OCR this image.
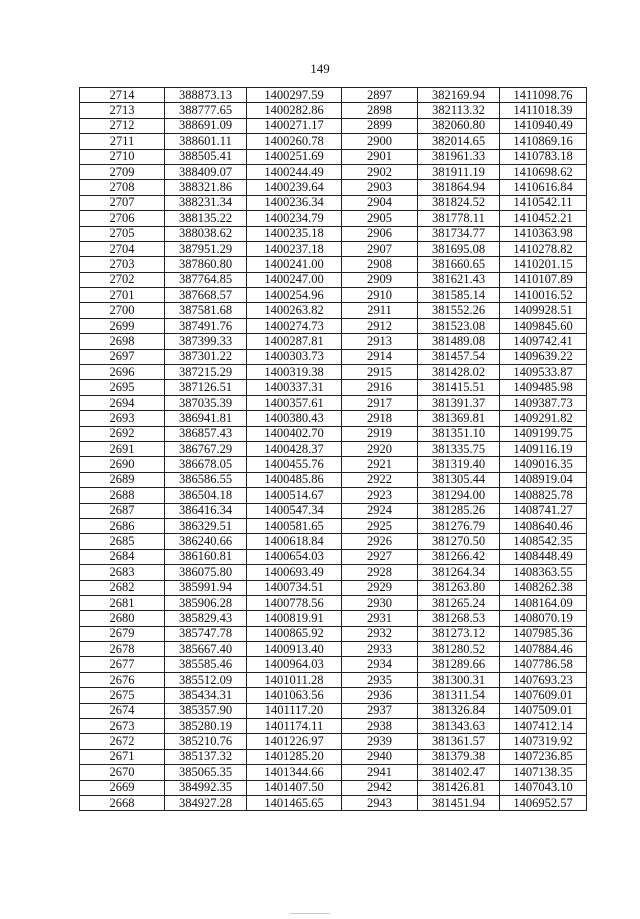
149
2714	388873.13	1400297.59	2897	382169.94	1411098.76
2713	388777.65	1400282.86	2898	382113.32	1411018.39
2712	388691.09	1400271.17	2899	382060.80	1410940.49
2711	388601.11	1400260.78	2900	382014.65	1410869.16
2710	388505.41	1400251.69	2901	381961.33	1410783.18
2709	388409.07	1400244.49	2902	381911.19	1410698.62
2708	388321.86	1400239.64	2903	381864.94	1410616.84
2707	388231.34	1400236.34	2904	381824.52	1410542.11
2706	388135.22	1400234.79	2905	381778.11	1410452.21
2705	388038.62	1400235.18	2906	381734.77	1410363.98
2704	387951.29	1400237.18	2907	381695.08	1410278.82
2703	387860.80	1400241.00	2908	381660.65	1410201.15
2702	387764.85	1400247.00	2909	381621.43	1410107.89
2701	387668.57	1400254.96	2910	381585.14	1410016.52
2700	387581.68	1400263.82	2911	381552.26	1409928.51
2699	387491.76	1400274.73	2912	381523.08	1409845.60
2698	387399.33	1400287.81	2913	381489.08	1409742.41
2697	387301.22	1400303.73	2914	381457.54	1409639.22
2696	387215.29	1400319.38	2915	381428.02	1409533.87
2695	387126.51	1400337.31	2916	381415.51	1409485.98
2694	387035.39	1400357.61	2917	381391.37	1409387.73
2693	386941.81	1400380.43	2918	381369.81	1409291.82
2692	386857.43	1400402.70	2919	381351.10	1409199.75
2691	386767.29	1400428.37	2920	381335.75	1409116.19
2690	386678.05	1400455.76	2921	381319.40	1409016.35
2689	386586.55	1400485.86	2922	381305.44	1408919.04
2688	386504.18	1400514.67	2923	381294.00	1408825.78
2687	386416.34	1400547.34	2924	381285.26	1408741.27
2686	386329.51	1400581.65	2925	381276.79	1408640.46
2685	386240.66	1400618.84	2926	381270.50	1408542.35
2684	386160.81	1400654.03	2927	381266.42	1408448.49
2683	386075.80	1400693.49	2928	381264.34	1408363.55
2682	385991.94	1400734.51	2929	381263.80	1408262.38
2681	385906.28	1400778.56	2930	381265.24	1408164.09
2680	385829.43	1400819.91	2931	381268.53	1408070.19
2679	385747.78	1400865.92	2932	381273.12	1407985.36
2678	385667.40	1400913.40	2933	381280.52	1407884.46
2677	385585.46	1400964.03	2934	381289.66	1407786.58
2676	385512.09	1401011.28	2935	381300.31	1407693.23
2675	385434.31	1401063.56	2936	381311.54	1407609.01
2674	385357.90	1401117.20	2937	381326.84	1407509.01
2673	385280.19	1401174.11	2938	381343.63	1407412.14
2672	385210.76	1401226.97	2939	381361.57	1407319.92
2671	385137.32	1401285.20	2940	381379.38	1407236.85
2670	385065.35	1401344.66	2941	381402.47	1407138.35
2669	384992.35	1401407.50	2942	381426.81	1407043.10
2668	384927.28	1401465.65	2943	381451.94	1406952.57
